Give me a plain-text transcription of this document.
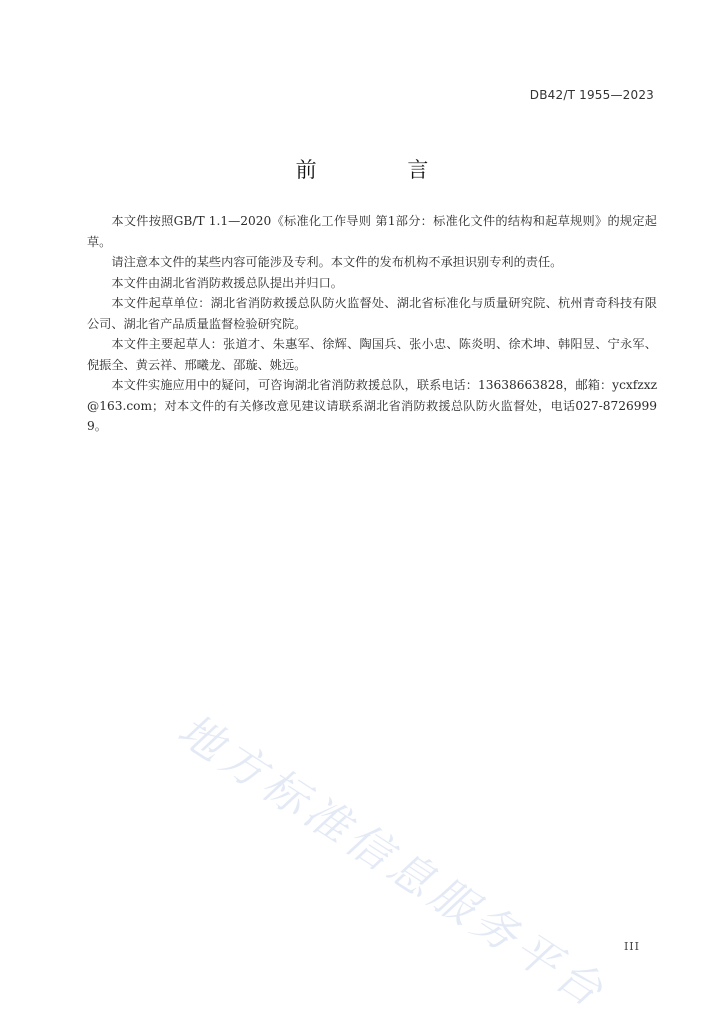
DB42/T 1955—2023
前 言

本文件按照GB/T 1.1—2020《标准化工作导则 第1部分：标准化文件的结构和起草规则》的规定起草。

请注意本文件的某些内容可能涉及专利。本文件的发布机构不承担识别专利的责任。

本文件由湖北省消防救援总队提出并归口。

本文件起草单位：湖北省消防救援总队防火监督处、湖北省标准化与质量研究院、杭州青奇科技有限公司、湖北省产品质量监督检验研究院。

本文件主要起草人：张道才、朱惠军、徐辉、陶国兵、张小忠、陈炎明、徐术坤、韩阳昱、宁永军、倪振全、黄云祥、邢曦龙、邵璇、姚远。

本文件实施应用中的疑问，可咨询湖北省消防救援总队，联系电话：13638663828，邮箱：ycxfzxz@163.com；对本文件的有关修改意见建议请联系湖北省消防救援总队防火监督处，电话027-87269999。

地方标准信息服务平台 III
